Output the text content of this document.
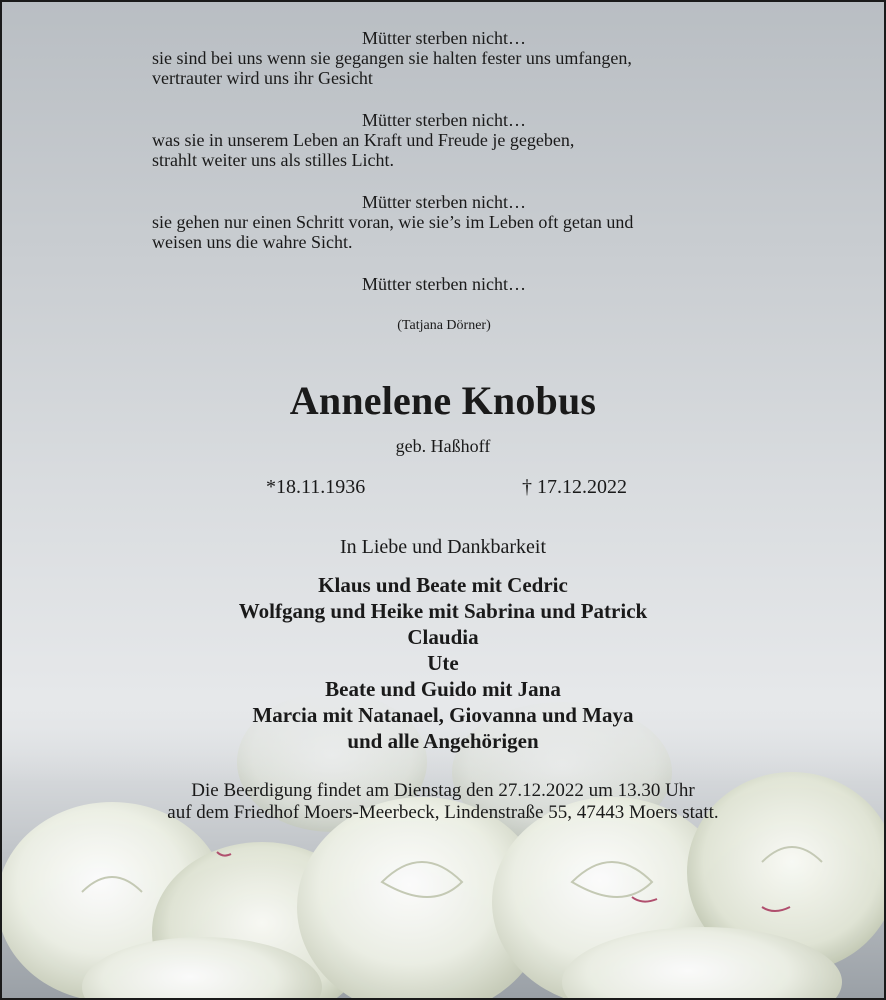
Mütter sterben nicht…
sie sind bei uns wenn sie gegangen sie halten fester uns umfangen,
vertrauter wird uns ihr Gesicht
Mütter sterben nicht…
was sie in unserem Leben an Kraft und Freude je gegeben,
strahlt weiter uns als stilles Licht.
Mütter sterben nicht…
sie gehen nur einen Schritt voran, wie sie’s im Leben oft getan und
weisen uns die wahre Sicht.
Mütter sterben nicht…
(Tatjana Dörner)
Annelene Knobus
geb. Haßhoff
*18.11.1936	† 17.12.2022
In Liebe und Dankbarkeit
Klaus und Beate mit Cedric
Wolfgang und Heike mit Sabrina und Patrick
Claudia
Ute
Beate und Guido mit Jana
Marcia mit Natanael, Giovanna und Maya
und alle Angehörigen
Die Beerdigung findet am Dienstag den 27.12.2022 um 13.30 Uhr
auf dem Friedhof Moers-Meerbeck, Lindenstraße 55, 47443 Moers statt.
